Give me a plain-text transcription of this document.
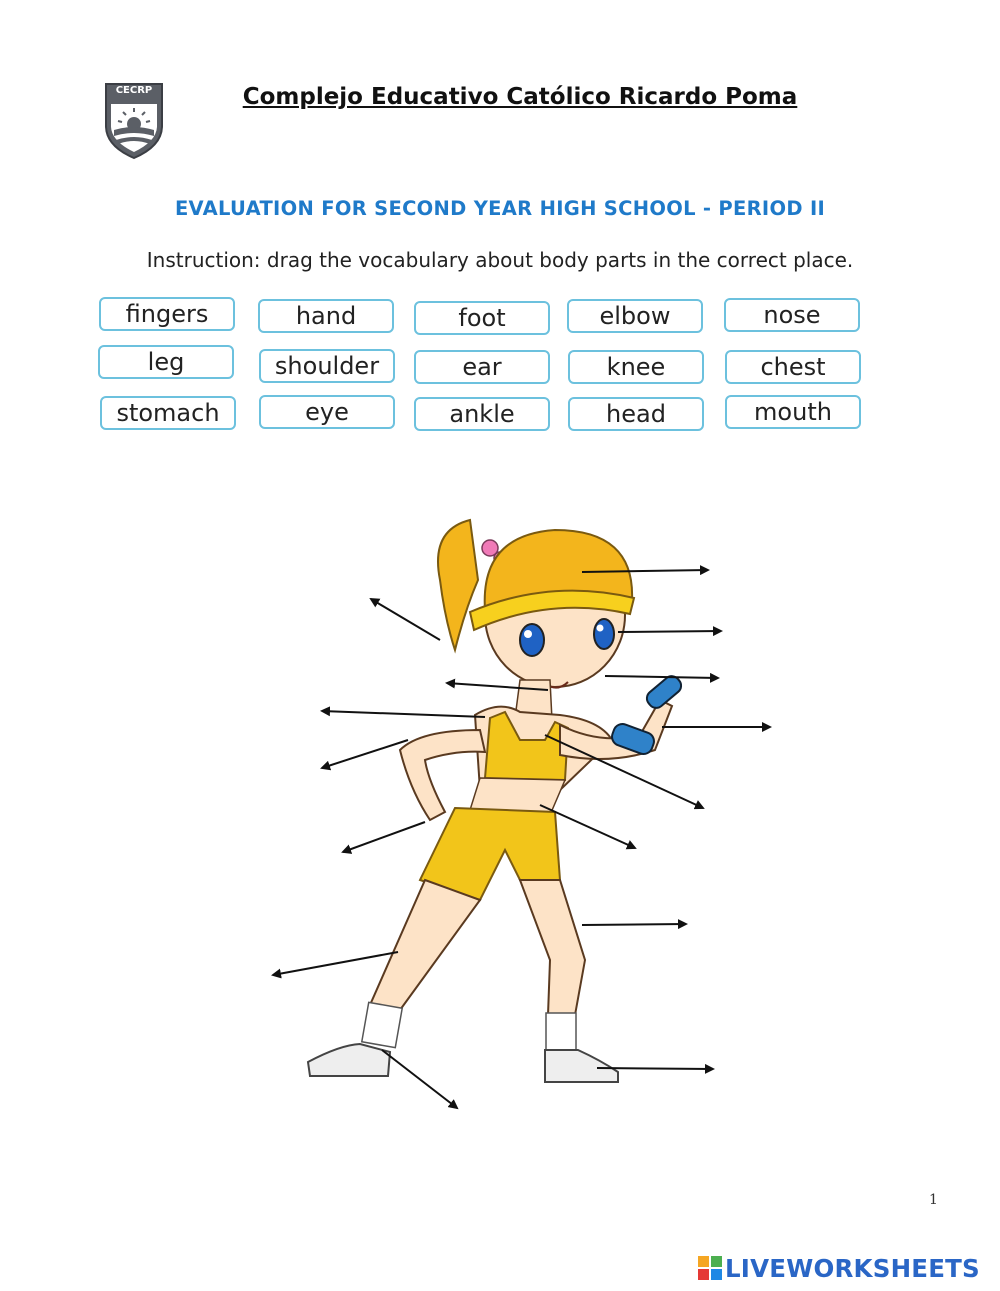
CECRP	Complejo Educativo Católico Ricardo Poma
EVALUATION FOR SECOND YEAR HIGH SCHOOL - PERIOD II
Instruction: drag the vocabulary about body parts in the correct place.
fingers	hand	foot	elbow	nose
leg	shoulder	ear	knee	chest
stomach	eye	ankle	head	mouth
1
LIVEWORKSHEETS
